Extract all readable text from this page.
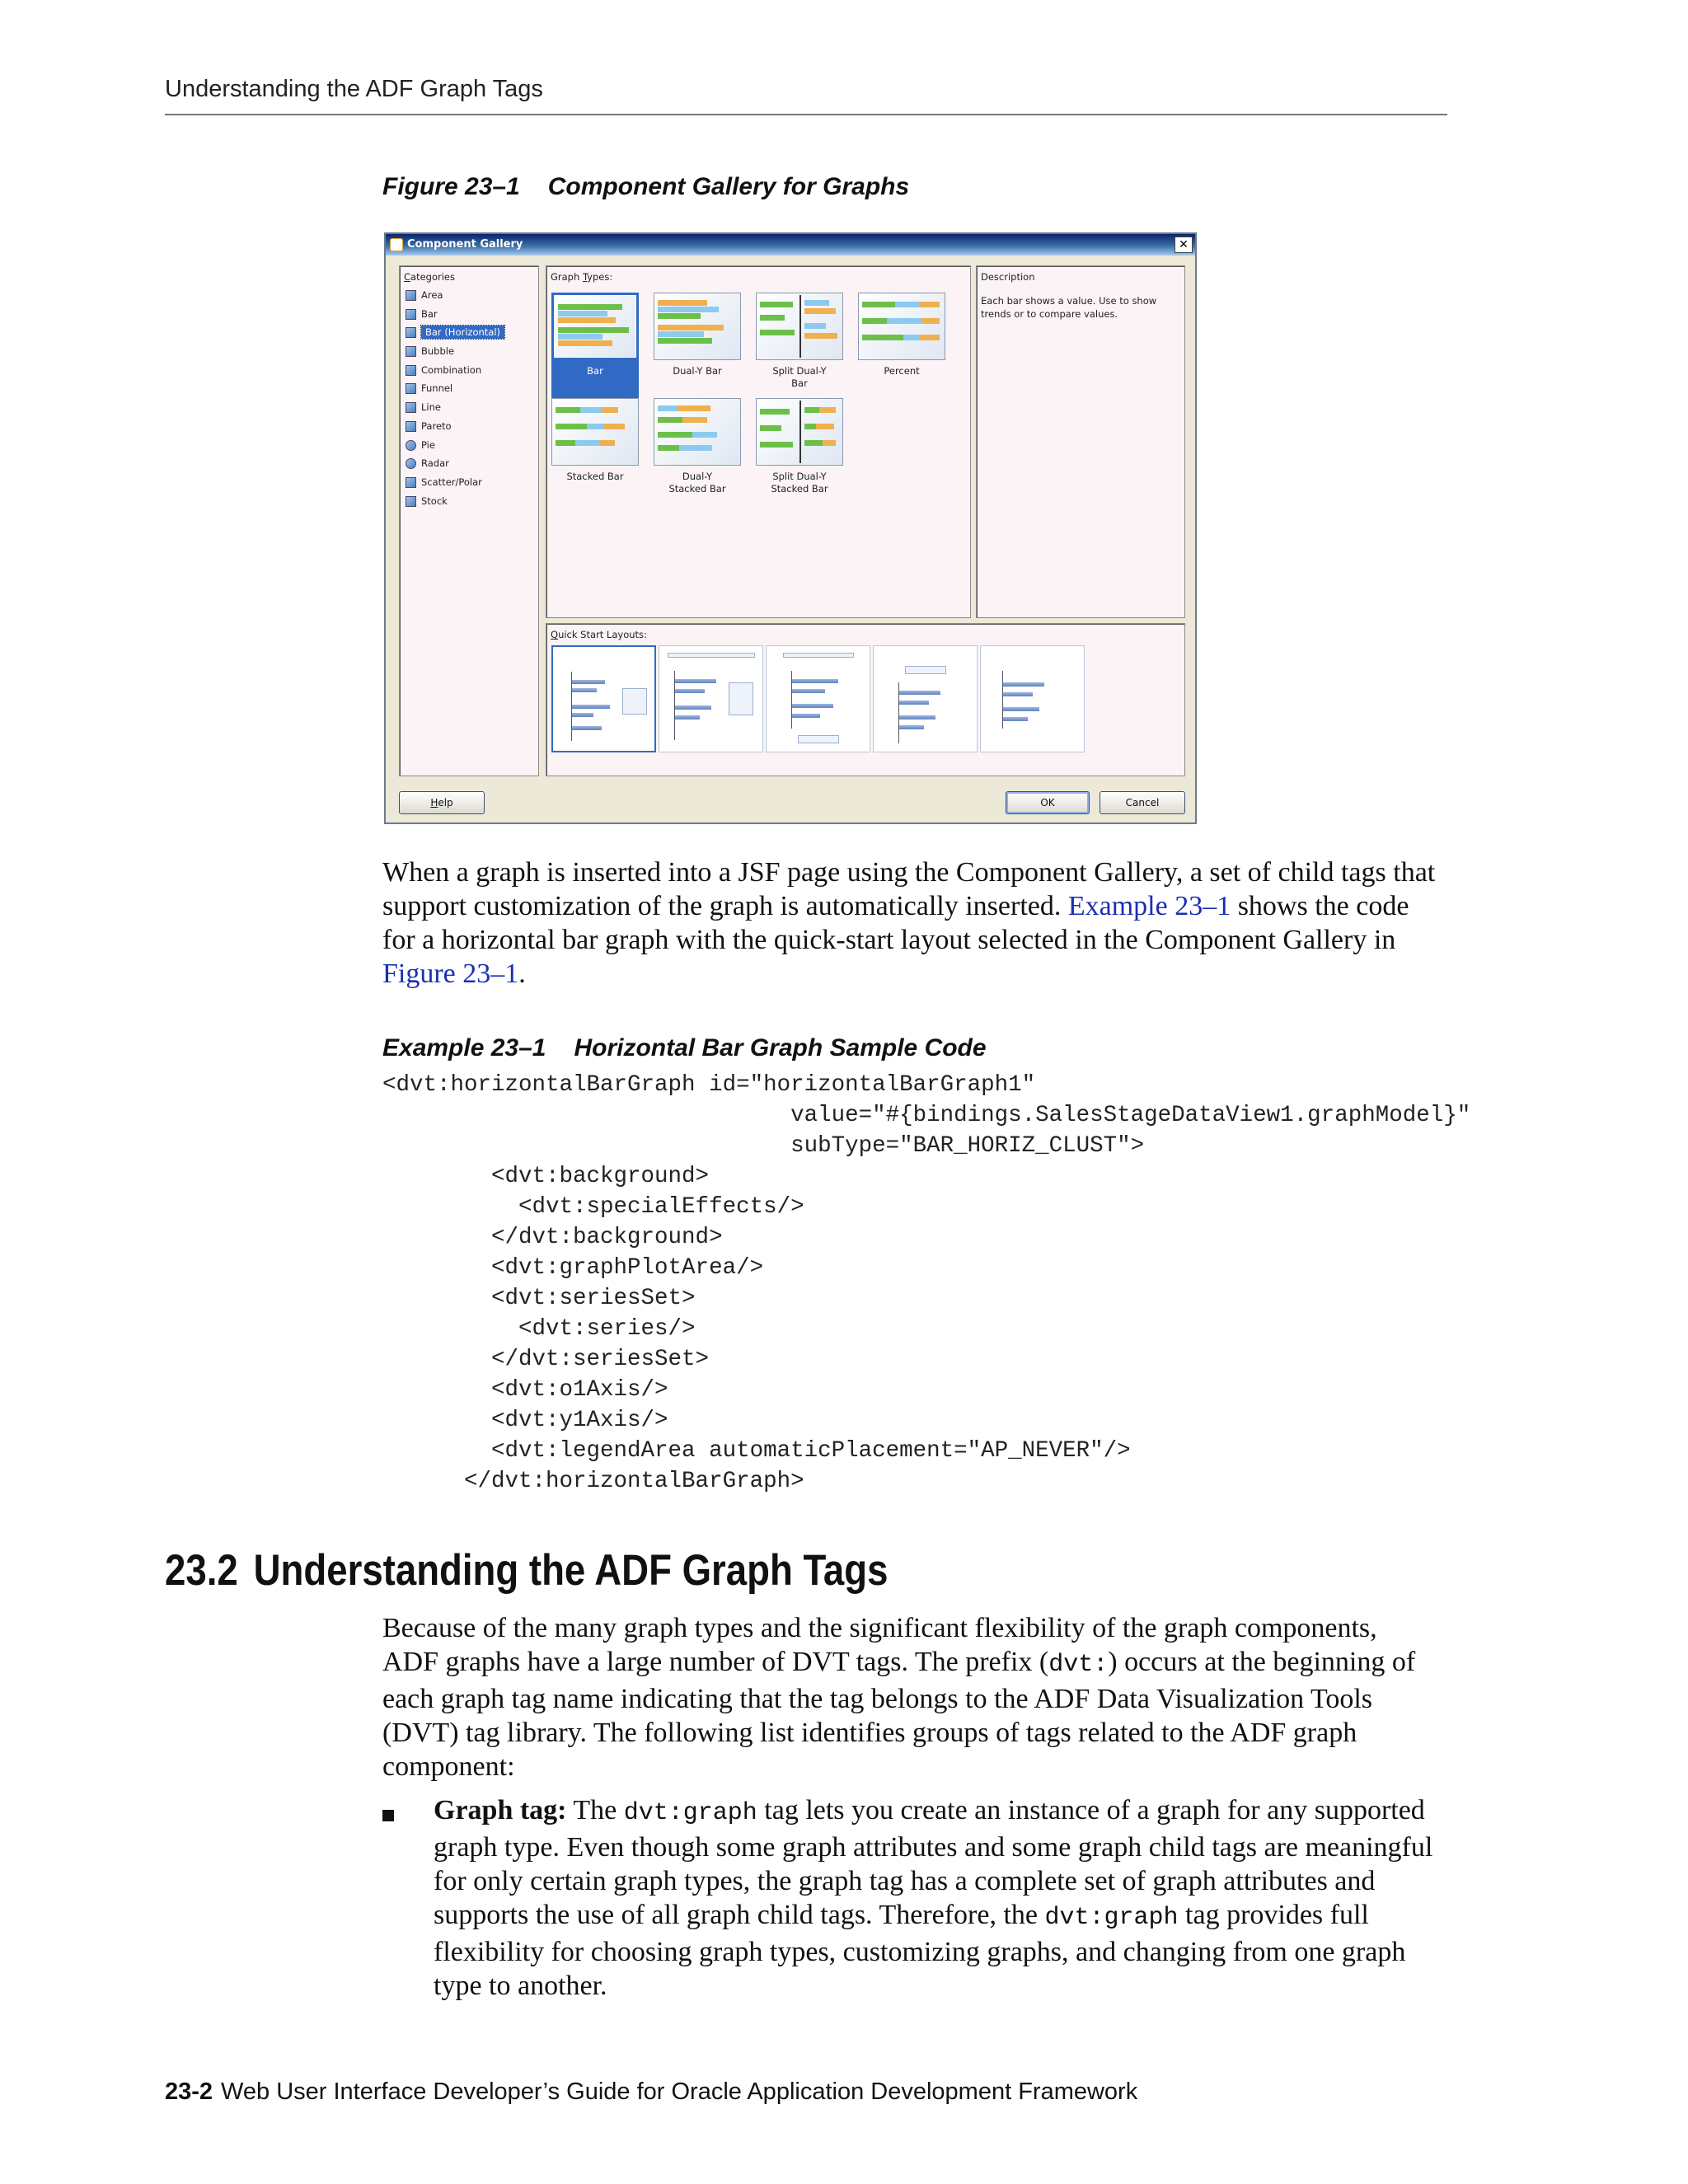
Understanding the ADF Graph Tags
Figure 23–1 Component Gallery for Graphs
Component Gallery	✕
Categories
Area
Bar
Bar (Horizontal)
Bubble
Combination
Funnel
Line
Pareto
Pie
Radar
Scatter/Polar
Stock
Graph Types:
Bar	Dual-Y Bar	Split Dual-Y
Bar
Percent
Stacked Bar	Dual-Y
Stacked Bar
Split Dual-Y
Stacked Bar
Description
Each bar shows a value. Use to show trends or to compare values.
Quick Start Layouts:
Help	OK	Cancel
When a graph is inserted into a JSF page using the Component Gallery, a set of child tags that support customization of the graph is automatically inserted. Example 23–1 shows the code for a horizontal bar graph with the quick-start layout selected in the Component Gallery in Figure 23–1.
Example 23–1 Horizontal Bar Graph Sample Code
<dvt:horizontalBarGraph id="horizontalBarGraph1"
value="#{bindings.SalesStageDataView1.graphModel}"
subType="BAR_HORIZ_CLUST">
<dvt:background>
<dvt:specialEffects/>
</dvt:background>
<dvt:graphPlotArea/>
<dvt:seriesSet>
<dvt:series/>
</dvt:seriesSet>
<dvt:o1Axis/>
<dvt:y1Axis/>
<dvt:legendArea automaticPlacement="AP_NEVER"/>
</dvt:horizontalBarGraph>
23.2 Understanding the ADF Graph Tags
Because of the many graph types and the significant flexibility of the graph components, ADF graphs have a large number of DVT tags. The prefix (dvt:) occurs at the beginning of each graph tag name indicating that the tag belongs to the ADF Data Visualization Tools (DVT) tag library. The following list identifies groups of tags related to the ADF graph component:
Graph tag: The dvt:graph tag lets you create an instance of a graph for any supported graph type. Even though some graph attributes and some graph child tags are meaningful for only certain graph types, the graph tag has a complete set of graph attributes and supports the use of all graph child tags. Therefore, the dvt:graph tag provides full flexibility for choosing graph types, customizing graphs, and changing from one graph type to another.
23-2 Web User Interface Developer’s Guide for Oracle Application Development Framework
